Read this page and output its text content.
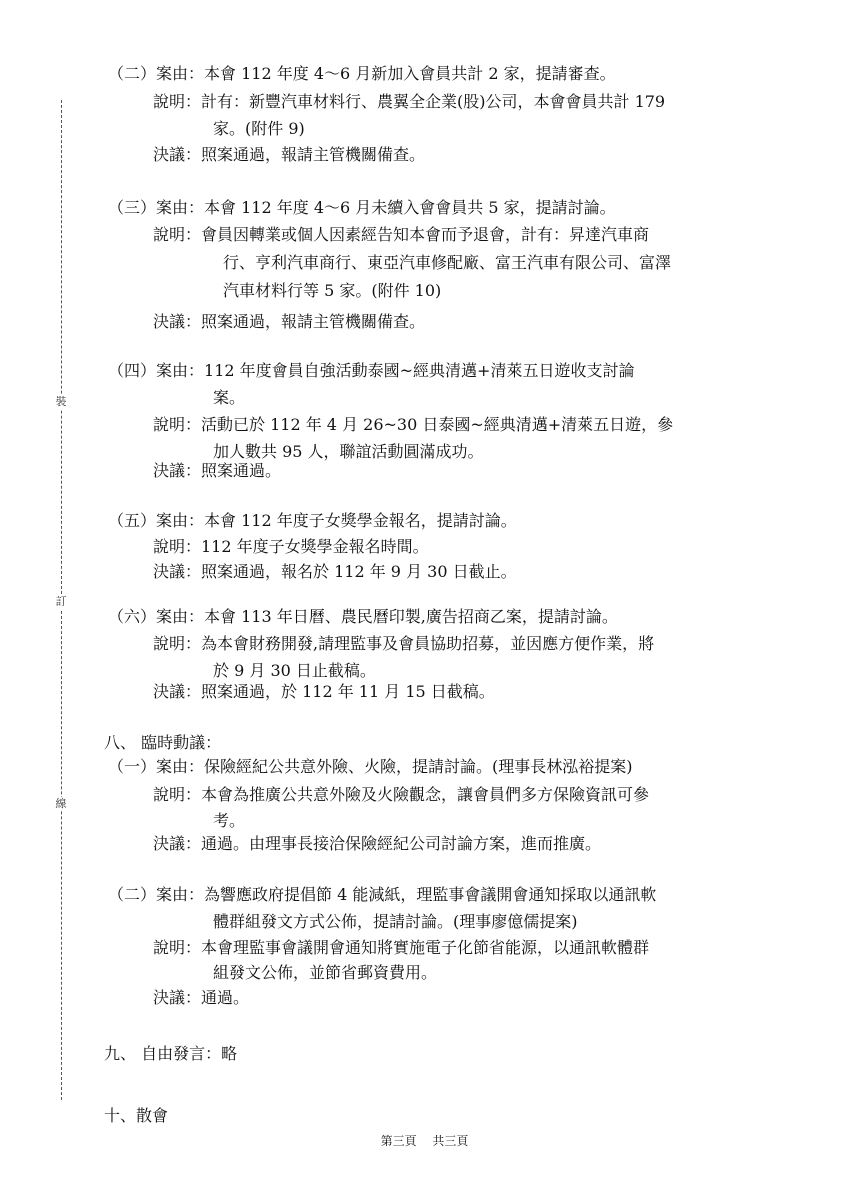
裝
訂
線
（二）案由：本會 112 年度 4～6 月新加入會員共計 2 家，提請審查。
說明：計有：新豐汽車材料行、農翼全企業(股)公司，本會會員共計 179
家。(附件 9)
決議：照案通過，報請主管機關備查。
（三）案由：本會 112 年度 4～6 月未續入會會員共 5 家，提請討論。
說明：會員因轉業或個人因素經告知本會而予退會，計有：昇達汽車商
行、亨利汽車商行、東亞汽車修配廠、富王汽車有限公司、富澤
汽車材料行等 5 家。(附件 10)
決議：照案通過，報請主管機關備查。
（四）案由：112 年度會員自強活動泰國~經典清邁+清萊五日遊收支討論
案。
說明：活動已於 112 年 4 月 26~30 日泰國~經典清邁+清萊五日遊，參
加人數共 95 人，聯誼活動圓滿成功。
決議：照案通過。
（五）案由：本會 112 年度子女獎學金報名，提請討論。
說明：112 年度子女獎學金報名時間。
決議：照案通過，報名於 112 年 9 月 30 日截止。
（六）案由：本會 113 年日曆、農民曆印製,廣告招商乙案，提請討論。
說明：為本會財務開發,請理監事及會員協助招募，並因應方便作業，將
於 9 月 30 日止截稿。
決議：照案通過，於 112 年 11 月 15 日截稿。
八、 臨時動議：
（一）案由：保險經紀公共意外險、火險，提請討論。(理事長林泓裕提案)
說明：本會為推廣公共意外險及火險觀念，讓會員們多方保險資訊可參
考。
決議：通過。由理事長接洽保險經紀公司討論方案，進而推廣。
（二）案由：為響應政府提倡節 4 能減紙，理監事會議開會通知採取以通訊軟
體群組發文方式公佈，提請討論。(理事廖億儒提案)
說明：本會理監事會議開會通知將實施電子化節省能源，以通訊軟體群
組發文公佈，並節省郵資費用。
決議：通過。
九、 自由發言：略
十、散會
第三頁 共三頁
